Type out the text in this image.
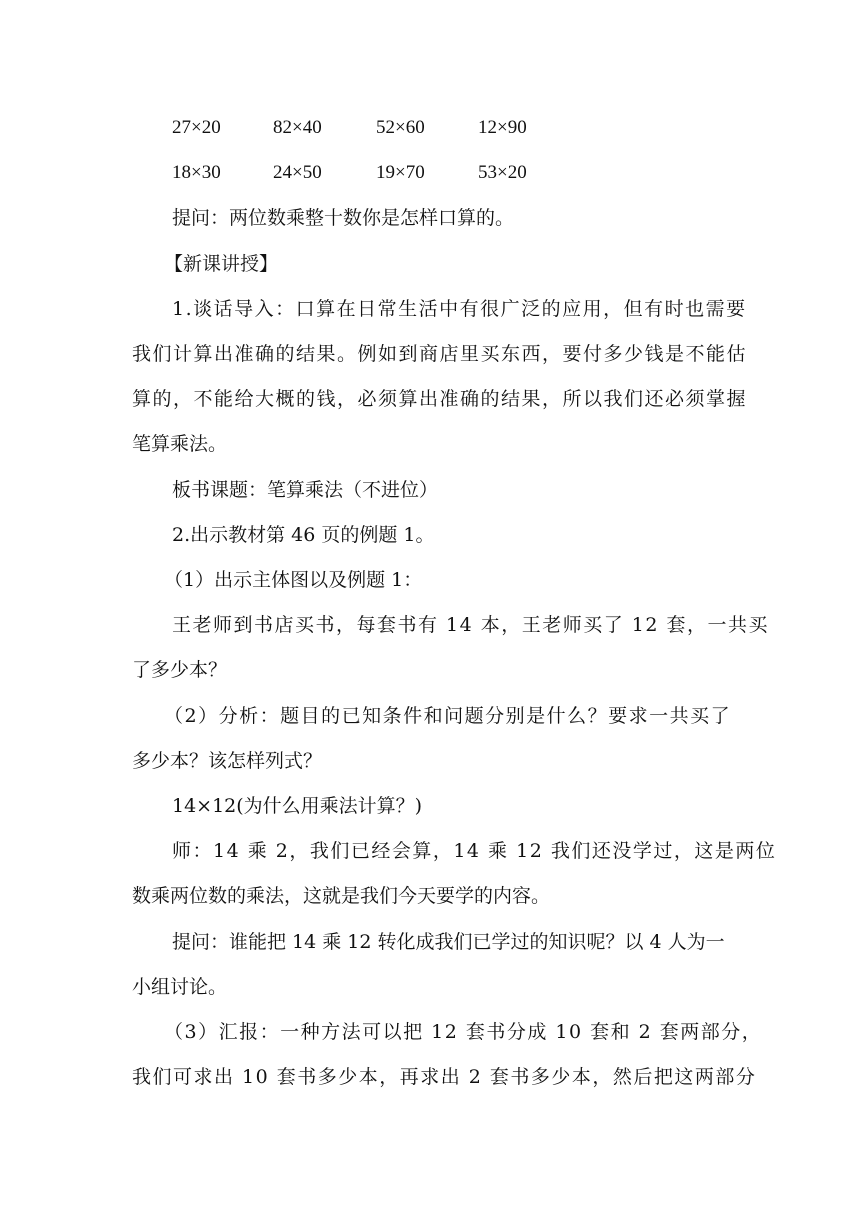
27×20	82×40	52×60	12×90
18×30	24×50	19×70	53×20
提问：两位数乘整十数你是怎样口算的。
【新课讲授】
1.谈话导入：口算在日常生活中有很广泛的应用，但有时也需要
我们计算出准确的结果。例如到商店里买东西，要付多少钱是不能估
算的，不能给大概的钱，必须算出准确的结果，所以我们还必须掌握
笔算乘法。
板书课题：笔算乘法（不进位）
2.出示教材第 46 页的例题 1。
（1）出示主体图以及例题 1：
王老师到书店买书，每套书有 14 本，王老师买了 12 套，一共买
了多少本？
（2）分析：题目的已知条件和问题分别是什么？要求一共买了
多少本？该怎样列式？
14×12(为什么用乘法计算？)
师：14 乘 2，我们已经会算，14 乘 12 我们还没学过，这是两位
数乘两位数的乘法，这就是我们今天要学的内容。
提问：谁能把 14 乘 12 转化成我们已学过的知识呢？以 4 人为一
小组讨论。
（3）汇报：一种方法可以把 12 套书分成 10 套和 2 套两部分，
我们可求出 10 套书多少本，再求出 2 套书多少本，然后把这两部分
